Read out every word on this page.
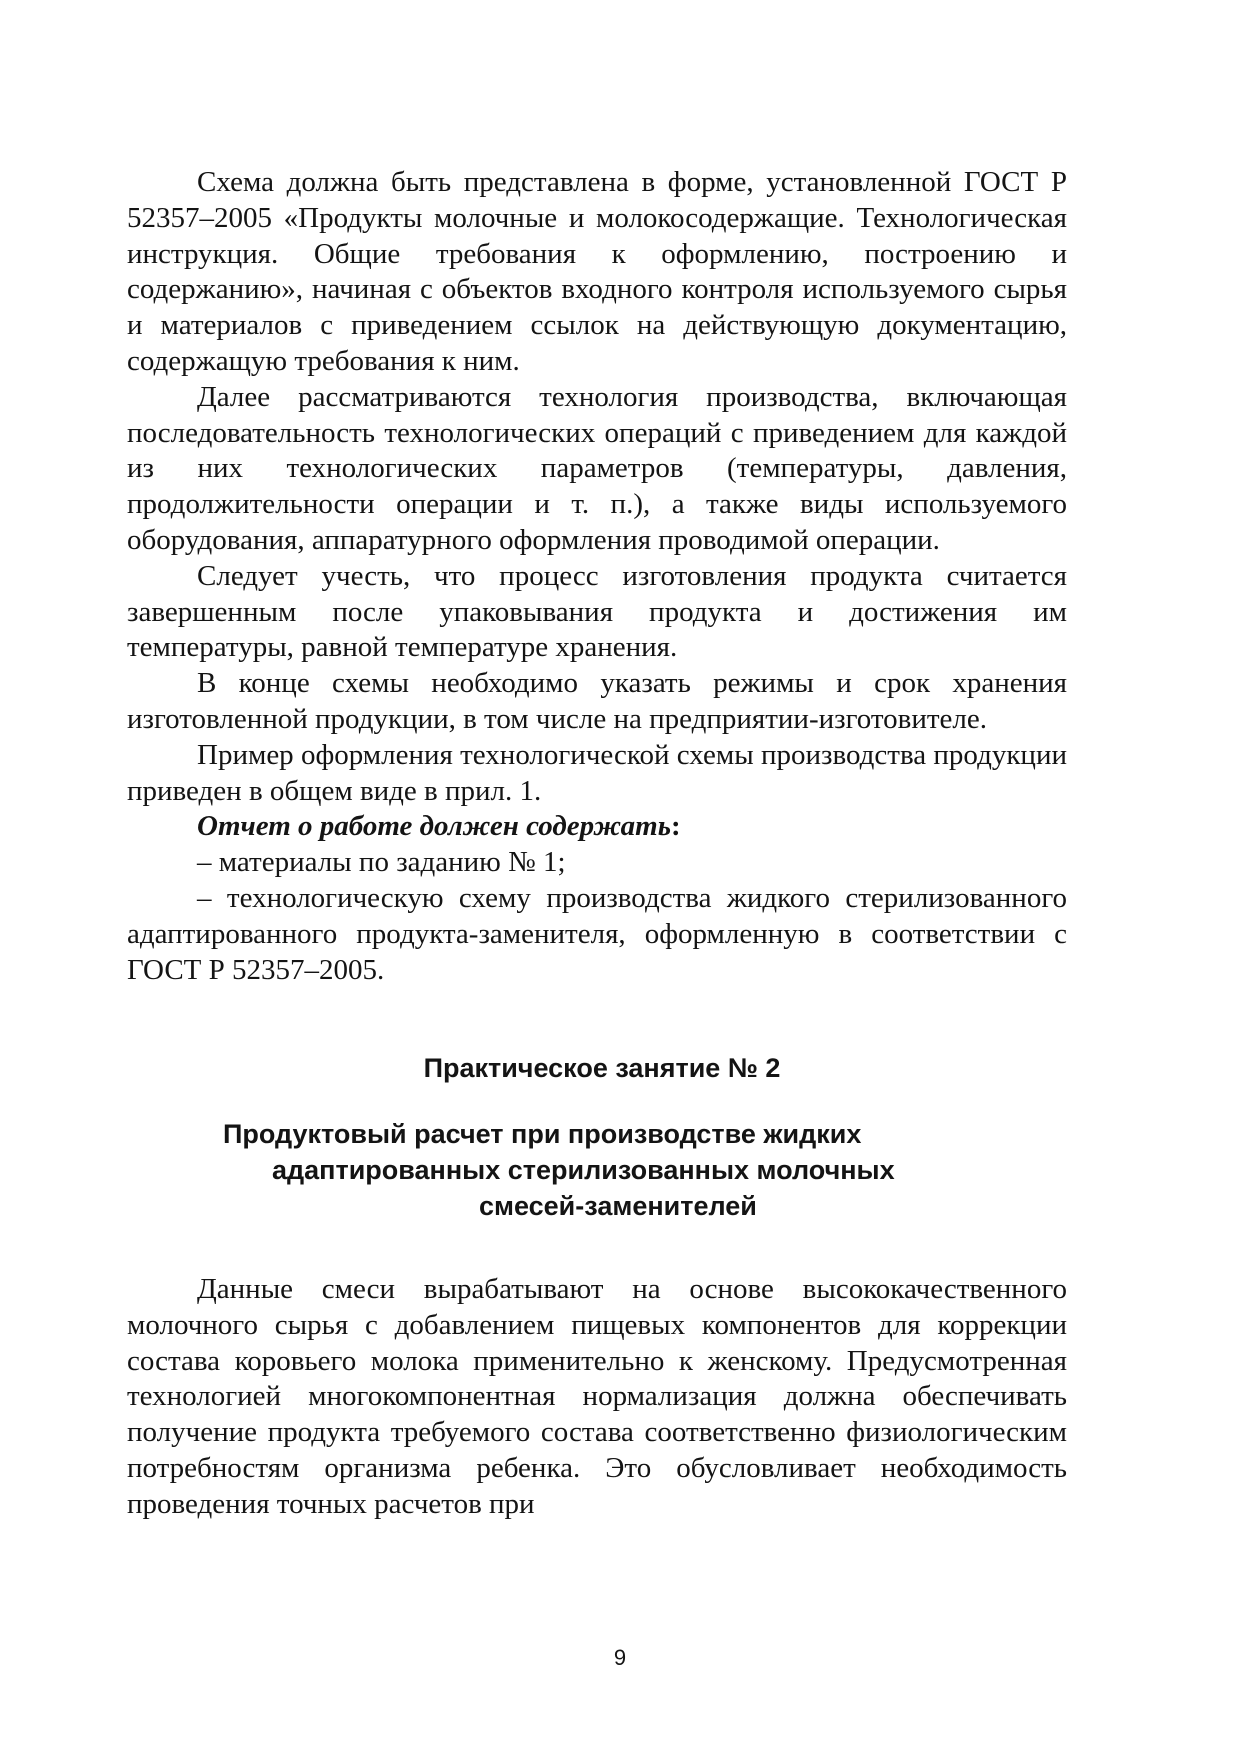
Схема должна быть представлена в форме, установленной ГОСТ Р 52357–2005 «Продукты молочные и молокосодержащие. Технологическая инструкция. Общие требования к оформлению, построению и содержанию», начиная с объектов входного контроля используемого сырья и материалов с приведением ссылок на действующую документацию, содержащую требования к ним.

Далее рассматриваются технология производства, включающая последовательность технологических операций с приведением для каждой из них технологических параметров (температуры, давления, продолжительности операции и т. п.), а также виды используемого оборудования, аппаратурного оформления проводимой операции.

Следует учесть, что процесс изготовления продукта считается завершенным после упаковывания продукта и достижения им температуры, равной температуре хранения.

В конце схемы необходимо указать режимы и срок хранения изготовленной продукции, в том числе на предприятии-изготовителе.

Пример оформления технологической схемы производства продукции приведен в общем виде в прил. 1.

Отчет о работе должен содержать:

– материалы по заданию № 1;

– технологическую схему производства жидкого стерилизованного адаптированного продукта-заменителя, оформленную в соответствии с ГОСТ Р 52357–2005.

Практическое занятие № 2
Продуктовый расчет при производстве жидких
адаптированных стерилизованных молочных
смесей-заменителей

Данные смеси вырабатывают на основе высококачественного молочного сырья с добавлением пищевых компонентов для коррекции состава коровьего молока применительно к женскому. Предусмотренная технологией многокомпонентная нормализация должна обеспечивать получение продукта требуемого состава соответственно физиологическим потребностям организма ребенка. Это обусловливает необходимость проведения точных расчетов при

9
